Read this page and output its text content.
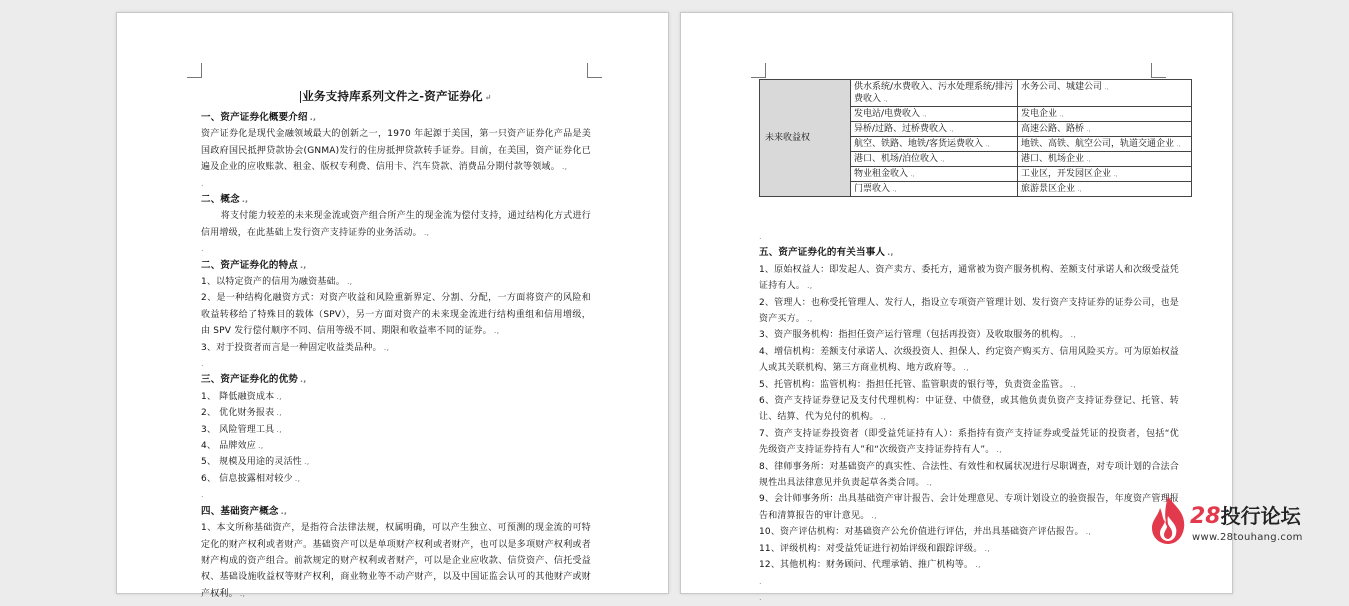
业务支持库系列文件之-资产证券化 ↵
一、资产证券化概要介绍 .,
资产证券化是现代金融领域最大的创新之一，1970 年起源于美国，第一只资产证券化产品是美国政府国民抵押贷款协会(GNMA)发行的住房抵押贷款转手证券。目前，在美国，资产证券化已遍及企业的应收账款、租金、版权专利费、信用卡、汽车贷款、消费品分期付款等领域。 .,
.
二、概念 .,
将支付能力较差的未来现金流或资产组合所产生的现金流为偿付支持，通过结构化方式进行信用增级，在此基础上发行资产支持证券的业务活动。 .,
.
二、资产证券化的特点 .,
1、以特定资产的信用为融资基础。 .,
2、是一种结构化融资方式：对资产收益和风险重新界定、分割、分配，一方面将资产的风险和收益转移给了特殊目的载体（SPV），另一方面对资产的未来现金流进行结构重组和信用增级，由 SPV 发行偿付顺序不同、信用等级不同、期限和收益率不同的证券。 .,
3、对于投资者而言是一种固定收益类品种。 .,
.
三、资产证券化的优势 .,
1、 降低融资成本 .,
2、 优化财务报表 .,
3、 风险管理工具 .,
4、 品牌效应 .,
5、 规模及用途的灵活性 .,
6、 信息披露相对较少 .,
.
四、基础资产概念 .,
1、本文所称基础资产，是指符合法律法规，权属明确，可以产生独立、可预测的现金流的可特定化的财产权利或者财产。基础资产可以是单项财产权利或者财产，也可以是多项财产权利或者财产构成的资产组合。前款规定的财产权利或者财产，可以是企业应收款、信贷资产、信托受益权、基础设施收益权等财产权利，商业物业等不动产财产，以及中国证监会认可的其他财产或财产权利。 .,
未来收益权	供水系统/水费收入、污水处理系统/排污费收入 .,	水务公司、城建公司 .,
	发电站/电费收入 .,	发电企业 .,
	异桥/过路、过桥费收入 .,	高速公路、路桥 .,
	航空、铁路、地铁/客货运费收入 .,	地铁、高铁、航空公司，轨道交通企业 .,
	港口、机场/泊位收入 .,	港口、机场企业 .,
	物业租金收入 .,	工业区，开发园区企业 .,
	门票收入 .,	旅游景区企业 .,
.
五、资产证券化的有关当事人 .,
1、原始权益人：即发起人、资产卖方、委托方，通常被为资产服务机构、差额支付承诺人和次级受益凭证持有人。 .,
2、管理人：也称受托管理人、发行人，指设立专项资产管理计划、发行资产支持证券的证券公司，也是资产买方。 .,
3、资产服务机构：指担任资产运行管理（包括再投资）及收取服务的机构。 .,
4、增信机构：差额支付承诺人、次级投资人、担保人、约定资产购买方、信用风险买方。可为原始权益人或其关联机构、第三方商业机构、地方政府等。 .,
5、托管机构：监管机构：指担任托管、监管职责的银行等，负责资金监管。 .,
6、资产支持证券登记及支付代理机构：中证登、中债登，或其他负责负资产支持证券登记、托管、转让、结算、代为兑付的机构。 .,
7、资产支持证券投资者（即受益凭证持有人）：系指持有资产支持证券或受益凭证的投资者，包括“优先级资产支持证券持有人”和“次级资产支持证券持有人”。 .,
8、律师事务所：对基础资产的真实性、合法性、有效性和权属状况进行尽职调查，对专项计划的合法合规性出具法律意见并负责起草各类合同。 .,
9、会计师事务所：出具基础资产审计报告、会计处理意见、专项计划设立的验资报告，年度资产管理报告和清算报告的审计意见。 .,
10、资产评估机构：对基础资产公允价值进行评估，并出具基础资产评估报告。 .,
11、评级机构：对受益凭证进行初始评级和跟踪评级。 .,
12、其他机构：财务顾问、代理承销、推广机构等。 .,
.
.
28投行论坛
www.28touhang.com
